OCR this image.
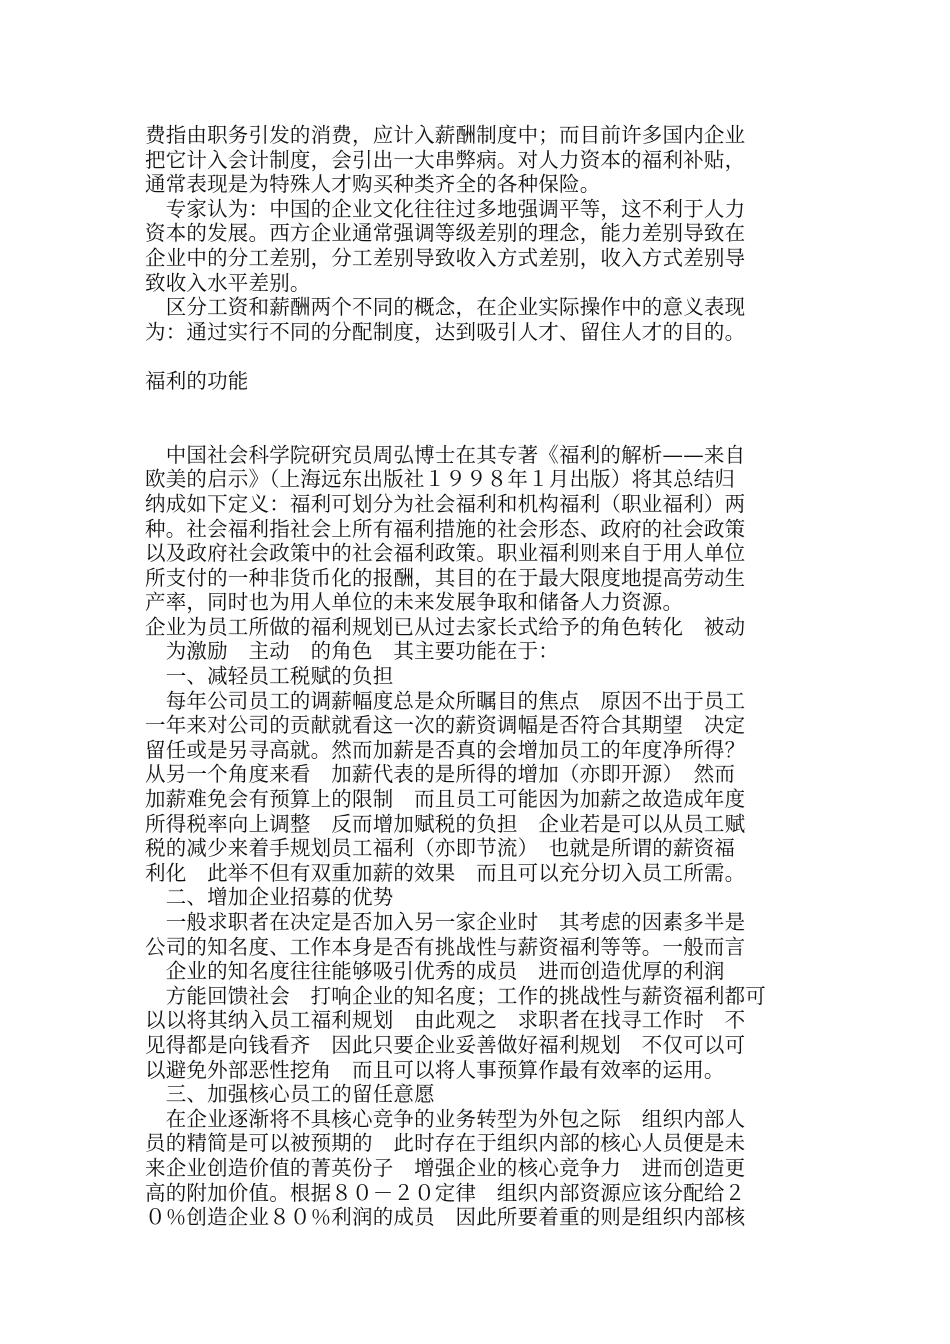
费指由职务引发的消费，应计入薪酬制度中；而目前许多国内企业
把它计入会计制度，会引出一大串弊病。对人力资本的福利补贴，
通常表现是为特殊人才购买种类齐全的各种保险。
　专家认为：中国的企业文化往往过多地强调平等，这不利于人力
资本的发展。西方企业通常强调等级差别的理念，能力差别导致在
企业中的分工差别，分工差别导致收入方式差别，收入方式差别导
致收入水平差别。
　区分工资和薪酬两个不同的概念，在企业实际操作中的意义表现
为：通过实行不同的分配制度，达到吸引人才、留住人才的目的。
福利的功能
　中国社会科学院研究员周弘博士在其专著《福利的解析——来自
欧美的启示》（上海远东出版社１９９８年１月出版）将其总结归
纳成如下定义：福利可划分为社会福利和机构福利（职业福利）两
种。社会福利指社会上所有福利措施的社会形态、政府的社会政策
以及政府社会政策中的社会福利政策。职业福利则来自于用人单位
所支付的一种非货币化的报酬，其目的在于最大限度地提高劳动生
产率，同时也为用人单位的未来发展争取和储备人力资源。
企业为员工所做的福利规划已从过去家长式给予的角色转化　被动
　为激励　主动　的角色　其主要功能在于：
　一、减轻员工税赋的负担
　每年公司员工的调薪幅度总是众所瞩目的焦点　原因不出于员工
一年来对公司的贡献就看这一次的薪资调幅是否符合其期望　决定
留任或是另寻高就。然而加薪是否真的会增加员工的年度净所得？
从另一个角度来看　加薪代表的是所得的增加（亦即开源）　然而
加薪难免会有预算上的限制　而且员工可能因为加薪之故造成年度
所得税率向上调整　反而增加赋税的负担　企业若是可以从员工赋
税的减少来着手规划员工福利（亦即节流）　也就是所谓的薪资福
利化　此举不但有双重加薪的效果　而且可以充分切入员工所需。
　二、增加企业招募的优势
　一般求职者在决定是否加入另一家企业时　其考虑的因素多半是
公司的知名度、工作本身是否有挑战性与薪资福利等等。一般而言
　企业的知名度往往能够吸引优秀的成员　进而创造优厚的利润
　方能回馈社会　打响企业的知名度；工作的挑战性与薪资福利都可
以以将其纳入员工福利规划　由此观之　求职者在找寻工作时　不
见得都是向钱看齐　因此只要企业妥善做好福利规划　不仅可以可
以避免外部恶性挖角　而且可以将人事预算作最有效率的运用。
　三、加强核心员工的留任意愿
　在企业逐渐将不具核心竞争的业务转型为外包之际　组织内部人
员的精简是可以被预期的　此时存在于组织内部的核心人员便是未
来企业创造价值的菁英份子　增强企业的核心竞争力　进而创造更
高的附加价值。根据８０－２０定律　组织内部资源应该分配给２
０％创造企业８０％利润的成员　因此所要着重的则是组织内部核
